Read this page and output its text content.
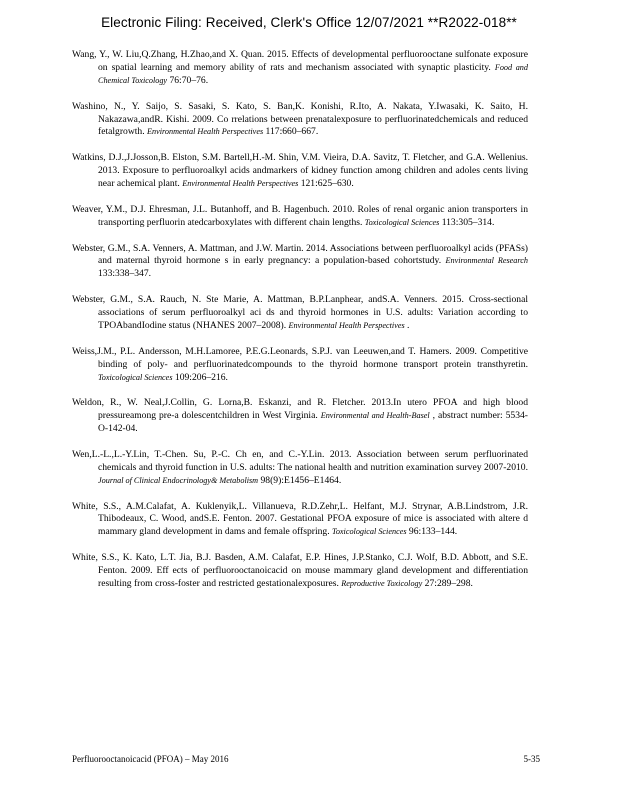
Electronic Filing: Received, Clerk's Office 12/07/2021 **R2022-018**

Wang, Y., W. Liu,Q.Zhang, H.Zhao,and X. Quan. 2015. Effects of developmental perfluorooctane sulfonate exposure on spatial learning and memory ability of rats and mechanism associated with synaptic plasticity. Food and Chemical Toxicology 76:70–76.

Washino, N., Y. Saijo, S. Sasaki, S. Kato, S. Ban,K. Konishi, R.Ito, A. Nakata, Y.Iwasaki, K. Saito, H. Nakazawa,andR. Kishi. 2009. Co rrelations between prenatalexposure to perfluorinatedchemicals and reduced fetalgrowth. Environmental Health Perspectives 117:660–667.

Watkins, D.J.,J.Josson,B. Elston, S.M. Bartell,H.-M. Shin, V.M. Vieira, D.A. Savitz, T. Fletcher, and G.A. Wellenius. 2013. Exposure to perfluoroalkyl acids andmarkers of kidney function among children and adoles cents living near achemical plant. Environmental Health Perspectives 121:625–630.

Weaver, Y.M., D.J. Ehresman, J.L. Butanhoff, and B. Hagenbuch. 2010. Roles of renal organic anion transporters in transporting perfluorin atedcarboxylates with different chain lengths. Toxicological Sciences 113:305–314.

Webster, G.M., S.A. Venners, A. Mattman, and J.W. Martin. 2014. Associations between perfluoroalkyl acids (PFASs) and maternal thyroid hormone s in early pregnancy: a population-based cohortstudy. Environmental Research 133:338–347.

Webster, G.M., S.A. Rauch, N. Ste Marie, A. Mattman, B.P.Lanphear, andS.A. Venners. 2015. Cross-sectional associations of serum perfluoroalkyl aci ds and thyroid hormones in U.S. adults: Variation according to TPOAbandIodine status (NHANES 2007–2008). Environmental Health Perspectives .

Weiss,J.M., P.L. Andersson, M.H.Lamoree, P.E.G.Leonards, S.P.J. van Leeuwen,and T. Hamers. 2009. Competitive binding of poly- and perfluorinatedcompounds to the thyroid hormone transport protein transthyretin. Toxicological Sciences 109:206–216.

Weldon, R., W. Neal,J.Collin, G. Lorna,B. Eskanzi, and R. Fletcher. 2013.In utero PFOA and high blood pressureamong pre-a dolescentchildren in West Virginia. Environmental and Health-Basel , abstract number: 5534-O-142-04.

Wen,L.-L.,L.-Y.Lin, T.-Chen. Su, P.-C. Ch en, and C.-Y.Lin. 2013. Association between serum perfluorinated chemicals and thyroid function in U.S. adults: The national health and nutrition examination survey 2007-2010. Journal of Clinical Endocrinology& Metabolism 98(9):E1456–E1464.

White, S.S., A.M.Calafat, A. Kuklenyik,L. Villanueva, R.D.Zehr,L. Helfant, M.J. Strynar, A.B.Lindstrom, J.R. Thibodeaux, C. Wood, andS.E. Fenton. 2007. Gestational PFOA exposure of mice is associated with altere d mammary gland development in dams and female offspring. Toxicological Sciences 96:133–144.

White, S.S., K. Kato, L.T. Jia, B.J. Basden, A.M. Calafat, E.P. Hines, J.P.Stanko, C.J. Wolf, B.D. Abbott, and S.E. Fenton. 2009. Eff ects of perfluorooctanoicacid on mouse mammary gland development and differentiation resulting from cross-foster and restricted gestationalexposures. Reproductive Toxicology 27:289–298.

Perfluorooctanoicacid (PFOA) – May 2016	5-35
